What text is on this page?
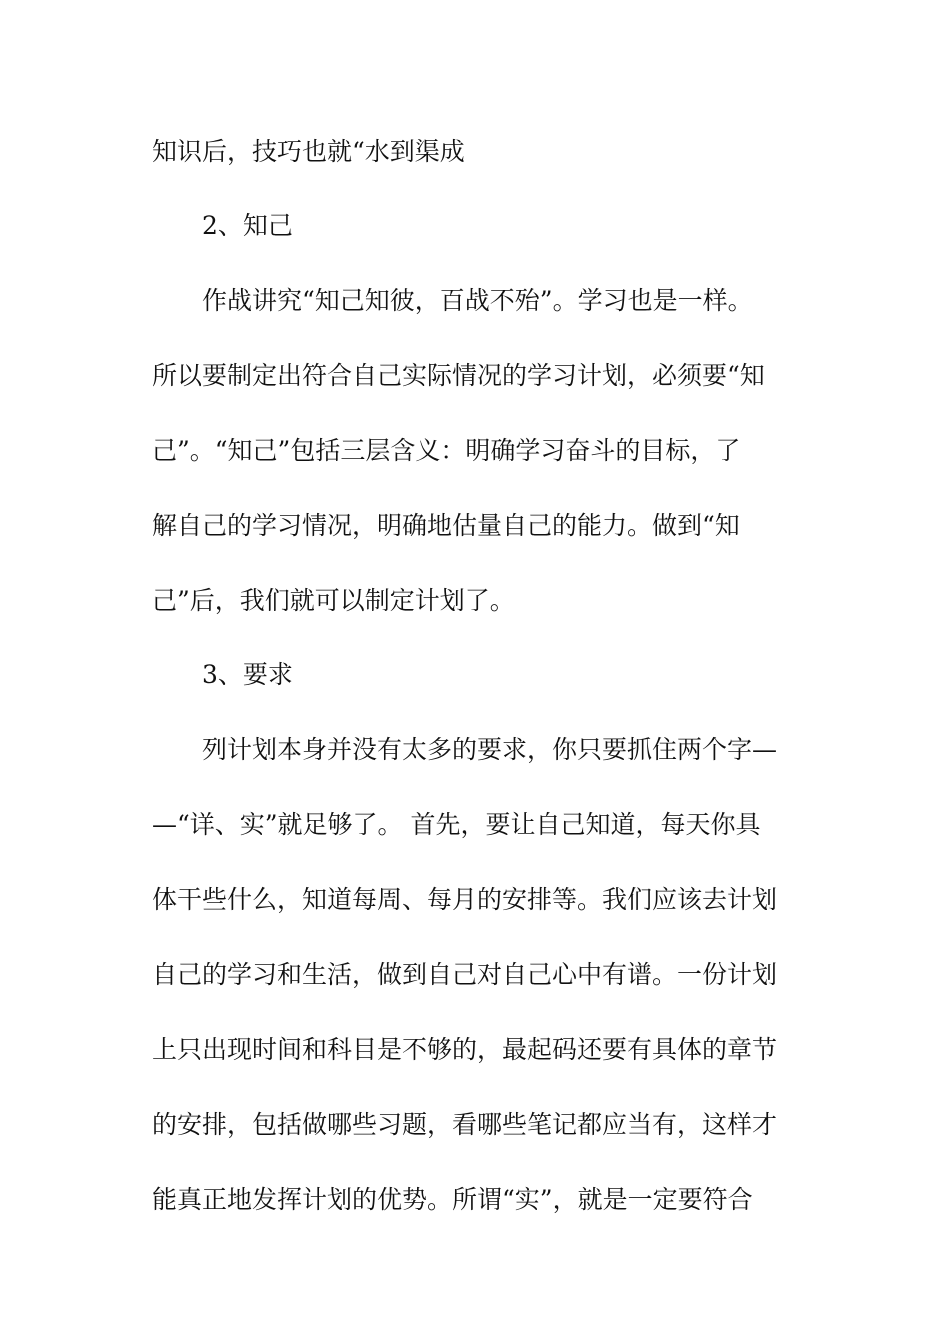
知识后，技巧也就“水到渠成
2、知己
作战讲究“知己知彼，百战不殆”。学习也是一样。
所以要制定出符合自己实际情况的学习计划，必须要“知
己”。“知己”包括三层含义：明确学习奋斗的目标，了
解自己的学习情况，明确地估量自己的能力。做到“知
己”后，我们就可以制定计划了。
3、要求
列计划本身并没有太多的要求，你只要抓住两个字—
—“详、实”就足够了。 首先，要让自己知道，每天你具
体干些什么，知道每周、每月的安排等。我们应该去计划
自己的学习和生活，做到自己对自己心中有谱。一份计划
上只出现时间和科目是不够的，最起码还要有具体的章节
的安排，包括做哪些习题，看哪些笔记都应当有，这样才
能真正地发挥计划的优势。所谓“实”，就是一定要符合
